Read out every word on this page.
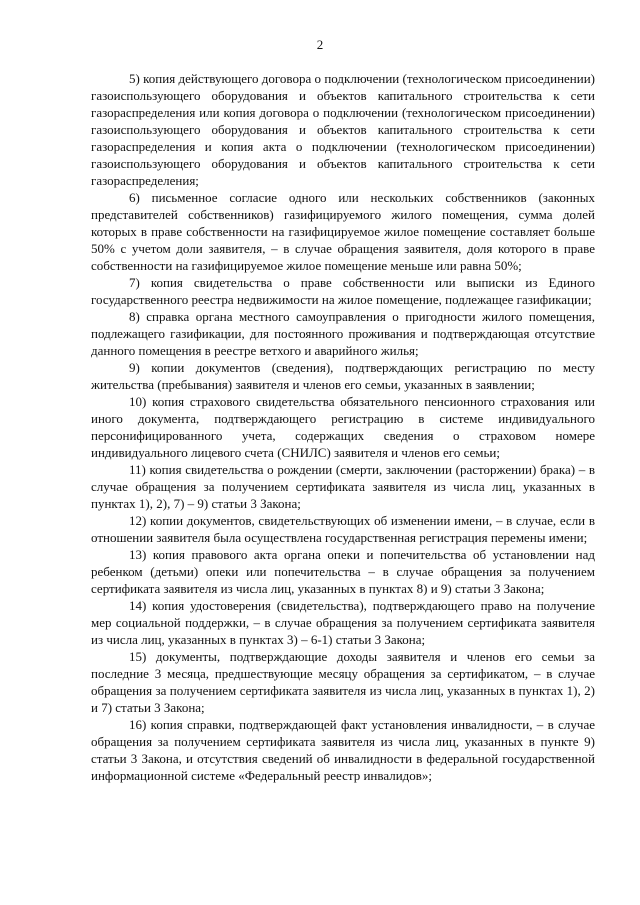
2

5) копия действующего договора о подключении (технологическом присоединении) газоиспользующего оборудования и объектов капитального строительства к сети газораспределения или копия договора о подключении (технологическом присоединении) газоиспользующего оборудования и объектов капитального строительства к сети газораспределения и копия акта о подключении (технологическом присоединении) газоиспользующего оборудования и объектов капитального строительства к сети газораспределения;

6) письменное согласие одного или нескольких собственников (законных представителей собственников) газифицируемого жилого помещения, сумма долей которых в праве собственности на газифицируемое жилое помещение составляет больше 50% с учетом доли заявителя, – в случае обращения заявителя, доля которого в праве собственности на газифицируемое жилое помещение меньше или равна 50%;

7) копия свидетельства о праве собственности или выписки из Единого государственного реестра недвижимости на жилое помещение, подлежащее газификации;

8) справка органа местного самоуправления о пригодности жилого помещения, подлежащего газификации, для постоянного проживания и подтверждающая отсутствие данного помещения в реестре ветхого и аварийного жилья;

9) копии документов (сведения), подтверждающих регистрацию по месту жительства (пребывания) заявителя и членов его семьи, указанных в заявлении;

10) копия страхового свидетельства обязательного пенсионного страхования или иного документа, подтверждающего регистрацию в системе индивидуального персонифицированного учета, содержащих сведения о страховом номере индивидуального лицевого счета (СНИЛС) заявителя и членов его семьи;

11) копия свидетельства о рождении (смерти, заключении (расторжении) брака) – в случае обращения за получением сертификата заявителя из числа лиц, указанных в пунктах 1), 2), 7) – 9) статьи 3 Закона;

12) копии документов, свидетельствующих об изменении имени, – в случае, если в отношении заявителя была осуществлена государственная регистрация перемены имени;

13) копия правового акта органа опеки и попечительства об установлении над ребенком (детьми) опеки или попечительства – в случае обращения за получением сертификата заявителя из числа лиц, указанных в пунктах 8) и 9) статьи 3 Закона;

14) копия удостоверения (свидетельства), подтверждающего право на получение мер социальной поддержки, – в случае обращения за получением сертификата заявителя из числа лиц, указанных в пунктах 3) – 6-1) статьи 3 Закона;

15) документы, подтверждающие доходы заявителя и членов его семьи за последние 3 месяца, предшествующие месяцу обращения за сертификатом, – в случае обращения за получением сертификата заявителя из числа лиц, указанных в пунктах 1), 2) и 7) статьи 3 Закона;

16) копия справки, подтверждающей факт установления инвалидности, – в случае обращения за получением сертификата заявителя из числа лиц, указанных в пункте 9) статьи 3 Закона, и отсутствия сведений об инвалидности в федеральной государственной информационной системе «Федеральный реестр инвалидов»;
